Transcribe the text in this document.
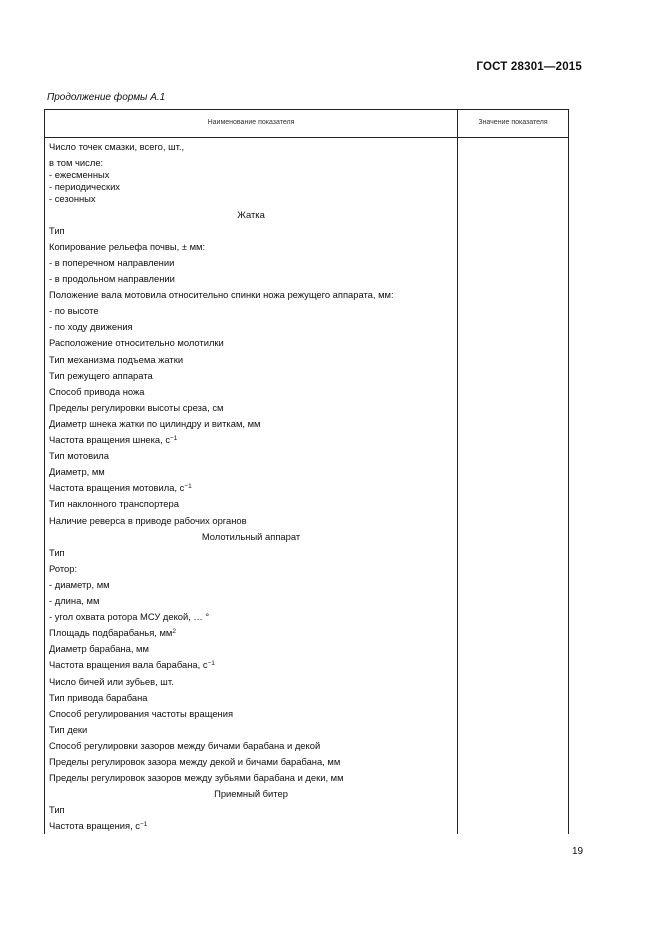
ГОСТ 28301—2015
Продолжение формы А.1
Наименование показателя	Значение показателя
Число точек смазки, всего, шт.,
в том числе:
- ежесменных
- периодических
- сезонных
Жатка
Тип
Копирование рельефа почвы, ± мм:
- в поперечном направлении
- в продольном направлении
Положение вала мотовила относительно спинки ножа режущего аппарата, мм:
- по высоте
- по ходу движения
Расположение относительно молотилки
Тип механизма подъема жатки
Тип режущего аппарата
Способ привода ножа
Пределы регулировки высоты среза, см
Диаметр шнека жатки по цилиндру и виткам, мм
Частота вращения шнека, $с^{-1}$
Тип мотовила
Диаметр, мм
Частота вращения мотовила, $с^{-1}$
Тип наклонного транспортера
Наличие реверса в приводе рабочих органов
Молотильный аппарат
Тип
Ротор:
- диаметр, мм
- длина, мм
- угол охвата ротора МСУ декой, … °
Площадь подбарабанья, $мм^2$
Диаметр барабана, мм
Частота вращения вала барабана, $с^{-1}$
Число бичей или зубьев, шт.
Тип привода барабана
Способ регулирования частоты вращения
Тип деки
Способ регулировки зазоров между бичами барабана и декой
Пределы регулировок зазора между декой и бичами барабана, мм
Пределы регулировок зазоров между зубьями барабана и деки, мм
Приемный битер
Тип
Частота вращения, $с^{-1}$
19
